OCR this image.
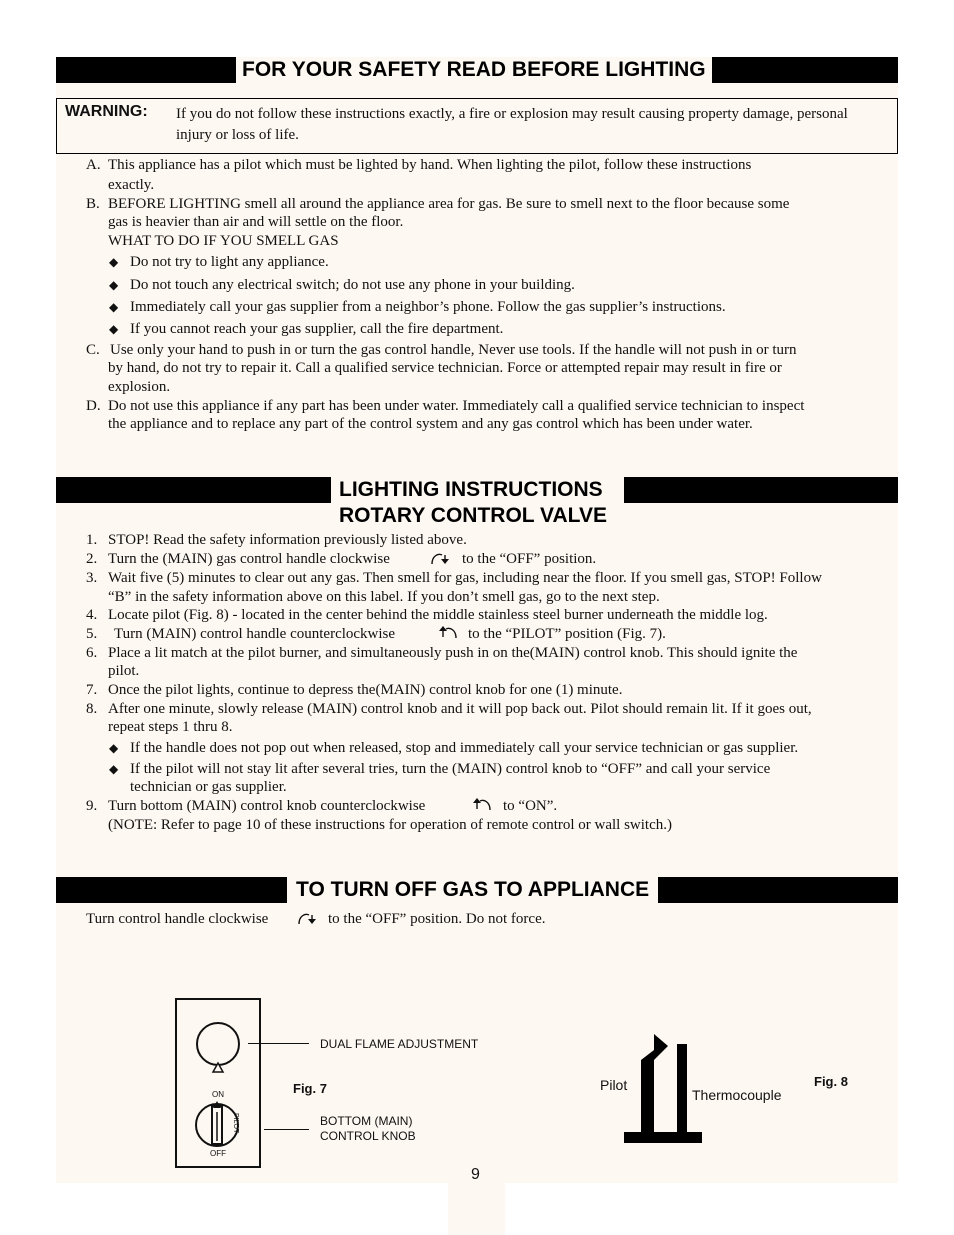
FOR YOUR SAFETY READ BEFORE LIGHTING
WARNING: If you do not follow these instructions exactly, a fire or explosion may result causing property damage, personal injury or loss of life.
A. This appliance has a pilot which must be lighted by hand. When lighting the pilot, follow these instructions
exactly.
B. BEFORE LIGHTING smell all around the appliance area for gas. Be sure to smell next to the floor because some
gas is heavier than air and will settle on the floor.
WHAT TO DO IF YOU SMELL GAS
◆ Do not try to light any appliance.
◆ Do not touch any electrical switch; do not use any phone in your building.
◆ Immediately call your gas supplier from a neighbor’s phone. Follow the gas supplier’s instructions.
◆ If you cannot reach your gas supplier, call the fire department.
C. Use only your hand to push in or turn the gas control handle, Never use tools. If the handle will not push in or turn
by hand, do not try to repair it. Call a qualified service technician. Force or attempted repair may result in fire or
explosion.
D. Do not use this appliance if any part has been under water. Immediately call a qualified service technician to inspect
the appliance and to replace any part of the control system and any gas control which has been under water.
LIGHTING INSTRUCTIONS
ROTARY CONTROL VALVE
1. STOP! Read the safety information previously listed above.
2. Turn the (MAIN) gas control handle clockwise	to the “OFF” position.
3. Wait five (5) minutes to clear out any gas. Then smell for gas, including near the floor. If you smell gas, STOP! Follow
“B” in the safety information above on this label. If you don’t smell gas, go to the next step.
4. Locate pilot (Fig. 8) - located in the center behind the middle stainless steel burner underneath the middle log.
5. Turn (MAIN) control handle counterclockwise	to the “PILOT” position (Fig. 7).
6. Place a lit match at the pilot burner, and simultaneously push in on the(MAIN) control knob. This should ignite the
pilot.
7. Once the pilot lights, continue to depress the(MAIN) control knob for one (1) minute.
8. After one minute, slowly release (MAIN) control knob and it will pop back out. Pilot should remain lit. If it goes out,
repeat steps 1 thru 8.
◆ If the handle does not pop out when released, stop and immediately call your service technician or gas supplier.
◆ If the pilot will not stay lit after several tries, turn the (MAIN) control knob to “OFF” and call your service
technician or gas supplier.
9. Turn bottom (MAIN) control knob counterclockwise	to “ON”.
(NOTE: Refer to page 10 of these instructions for operation of remote control or wall switch.)
TO TURN OFF GAS TO APPLIANCE
Turn control handle clockwise	to the “OFF” position. Do not force.
ON
OFF
PILOT
DUAL FLAME ADJUSTMENT
Fig. 7
BOTTOM (MAIN)
CONTROL KNOB
Pilot
Thermocouple
Fig. 8
9
